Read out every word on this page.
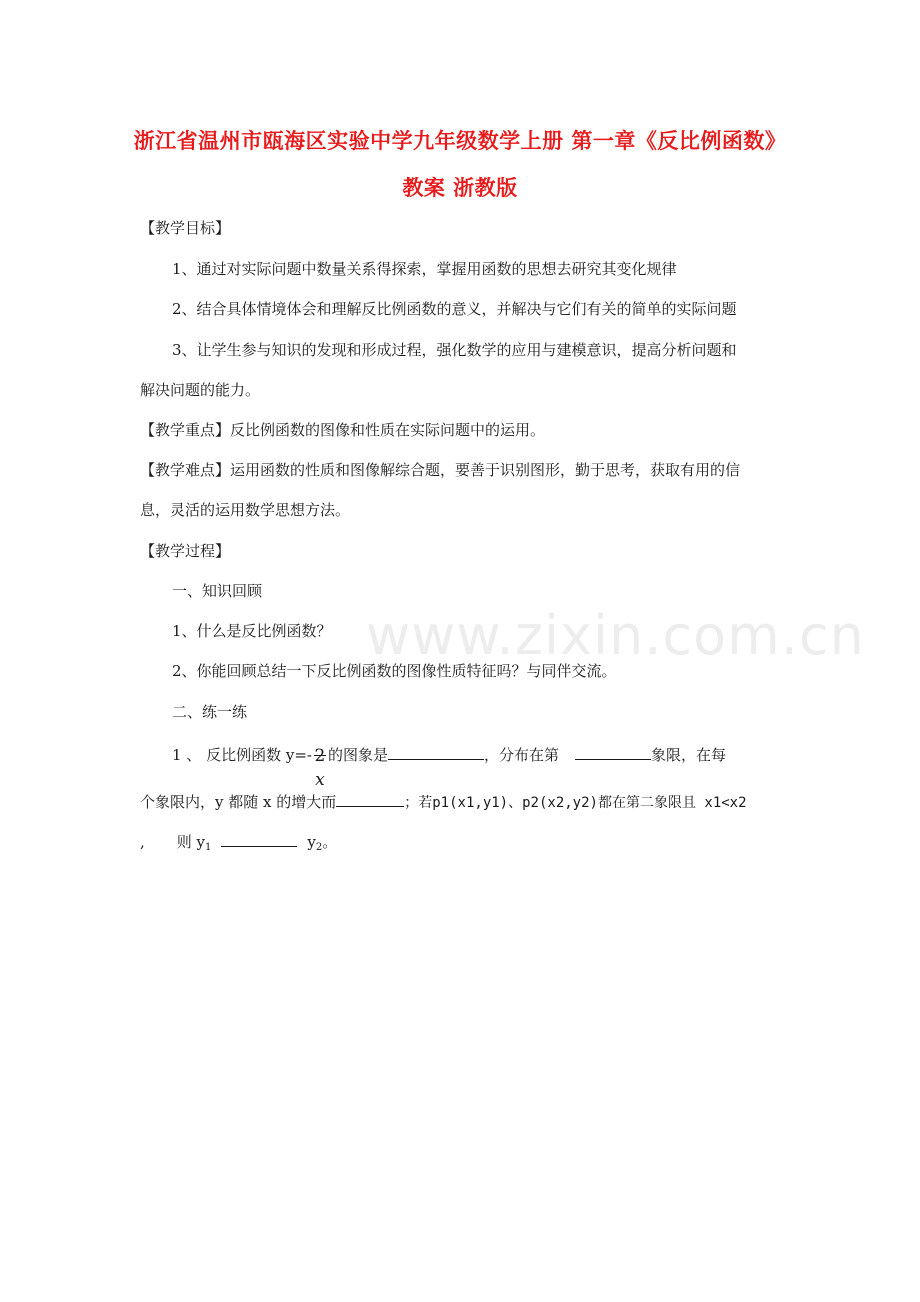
浙江省温州市瓯海区实验中学九年级数学上册 第一章《反比例函数》
教案 浙教版
【教学目标】
1、通过对实际问题中数量关系得探索，掌握用函数的思想去研究其变化规律
2、结合具体情境体会和理解反比例函数的意义，并解决与它们有关的简单的实际问题
3、让学生参与知识的发现和形成过程，强化数学的应用与建模意识，提高分析问题和
解决问题的能力。
【教学重点】反比例函数的图像和性质在实际问题中的运用。
【教学难点】运用函数的性质和图像解综合题，要善于识别图形，勤于思考，获取有用的信
息，灵活的运用数学思想方法。
【教学过程】
一、知识回顾
1、什么是反比例函数？
2、你能回顾总结一下反比例函数的图像性质特征吗？与同伴交流。
二、练一练
1 、 反比例函数 y=- 2
x
的图象是	，分布在第	象限，在每
个象限内，y 都随 x 的增大而	；若p1(x1,y1)、p2(x2,y2)都在第二象限且 x1<x2
, 则 $y_1$	$y_2$。
www.zixin.com.cn
